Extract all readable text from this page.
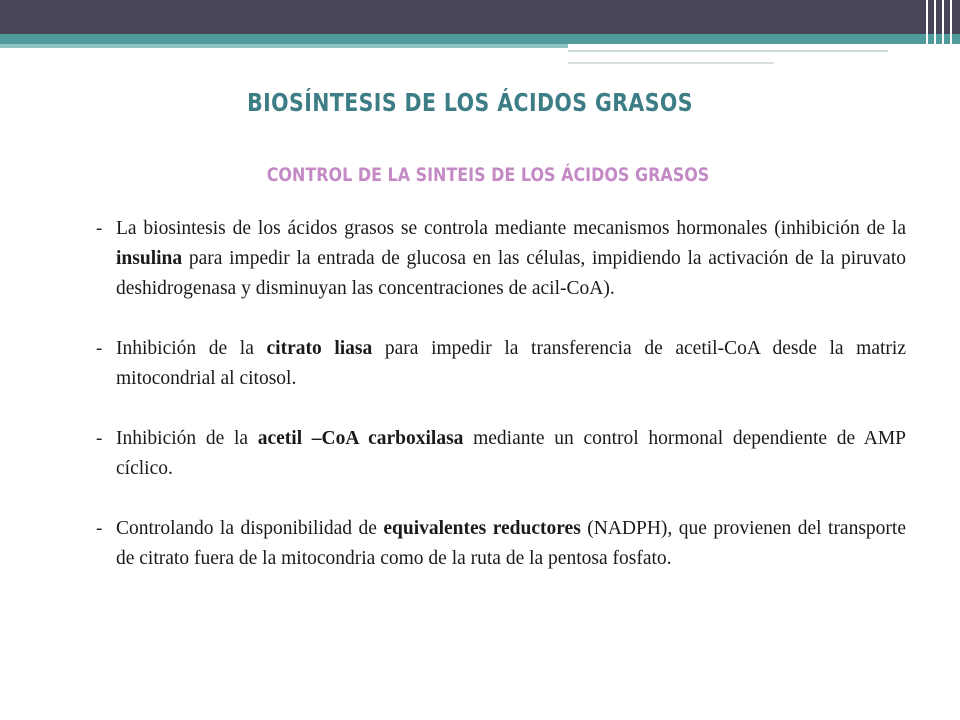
BIOSÍNTESIS DE LOS ÁCIDOS GRASOS
CONTROL DE LA SINTEIS DE LOS ÁCIDOS GRASOS
- La biosintesis de los ácidos grasos se controla mediante mecanismos hormonales (inhibición de la insulina para impedir la entrada de glucosa en las células, impidiendo la activación de la piruvato deshidrogenasa y disminuyan las concentraciones de acil-CoA).
- Inhibición de la citrato liasa para impedir la transferencia de acetil-CoA desde la matriz mitocondrial al citosol.
- Inhibición de la acetil –CoA carboxilasa mediante un control hormonal dependiente de AMP cíclico.
- Controlando la disponibilidad de equivalentes reductores (NADPH), que provienen del transporte de citrato fuera de la mitocondria como de la ruta de la pentosa fosfato.
